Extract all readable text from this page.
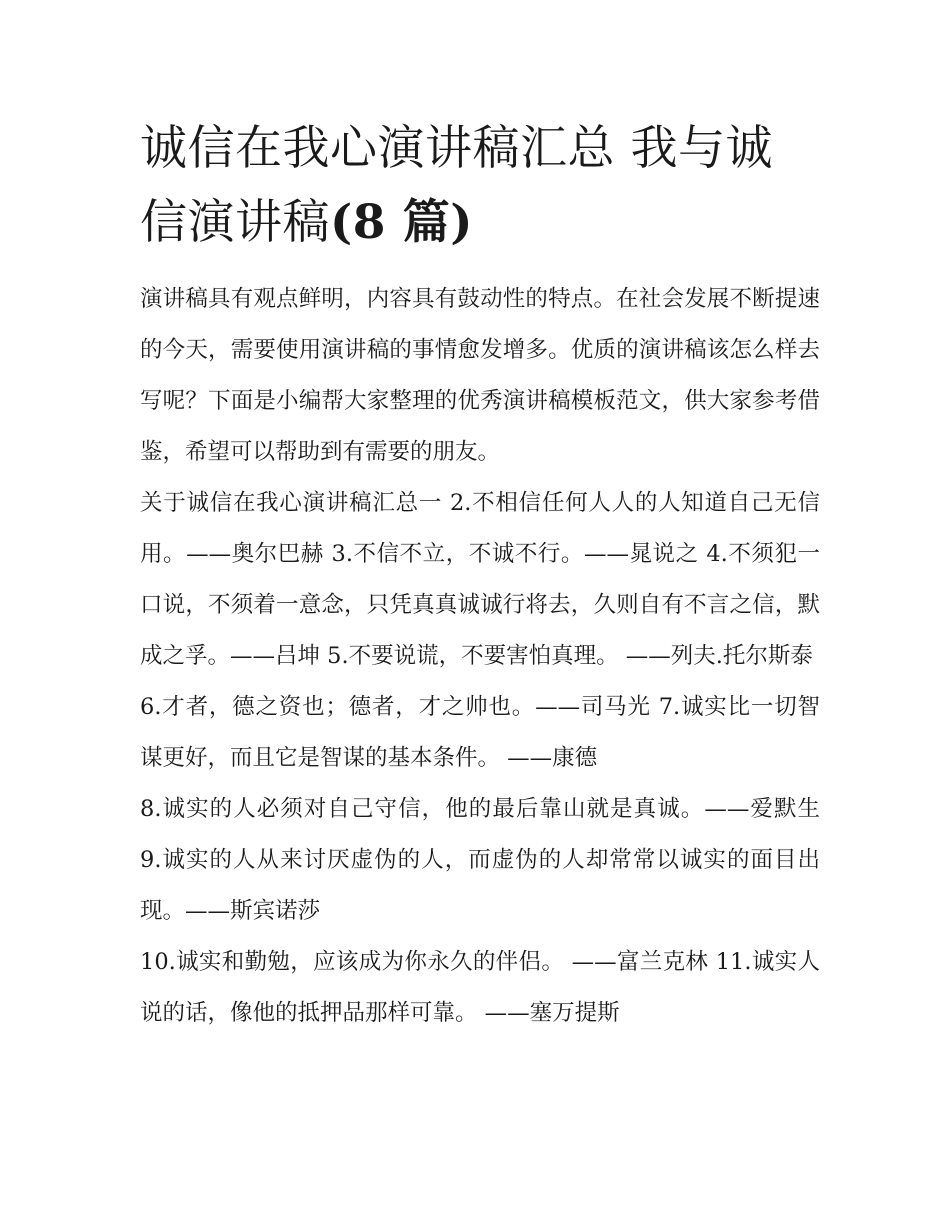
诚信在我心演讲稿汇总 我与诚信演讲稿(8 篇)

演讲稿具有观点鲜明，内容具有鼓动性的特点。在社会发展不断提速的今天，需要使用演讲稿的事情愈发增多。优质的演讲稿该怎么样去写呢？下面是小编帮大家整理的优秀演讲稿模板范文，供大家参考借鉴，希望可以帮助到有需要的朋友。

关于诚信在我心演讲稿汇总一 2.不相信任何人人的人知道自己无信用。——奥尔巴赫 3.不信不立，不诚不行。——晁说之 4.不须犯一口说，不须着一意念，只凭真真诚诚行将去，久则自有不言之信，默成之孚。——吕坤 5.不要说谎，不要害怕真理。 ——列夫.托尔斯泰

6.才者，德之资也；德者，才之帅也。——司马光 7.诚实比一切智谋更好，而且它是智谋的基本条件。 ——康德

8.诚实的人必须对自己守信，他的最后靠山就是真诚。——爱默生 9.诚实的人从来讨厌虚伪的人，而虚伪的人却常常以诚实的面目出现。——斯宾诺莎

10.诚实和勤勉，应该成为你永久的伴侣。 ——富兰克林 11.诚实人说的话，像他的抵押品那样可靠。 ——塞万提斯
